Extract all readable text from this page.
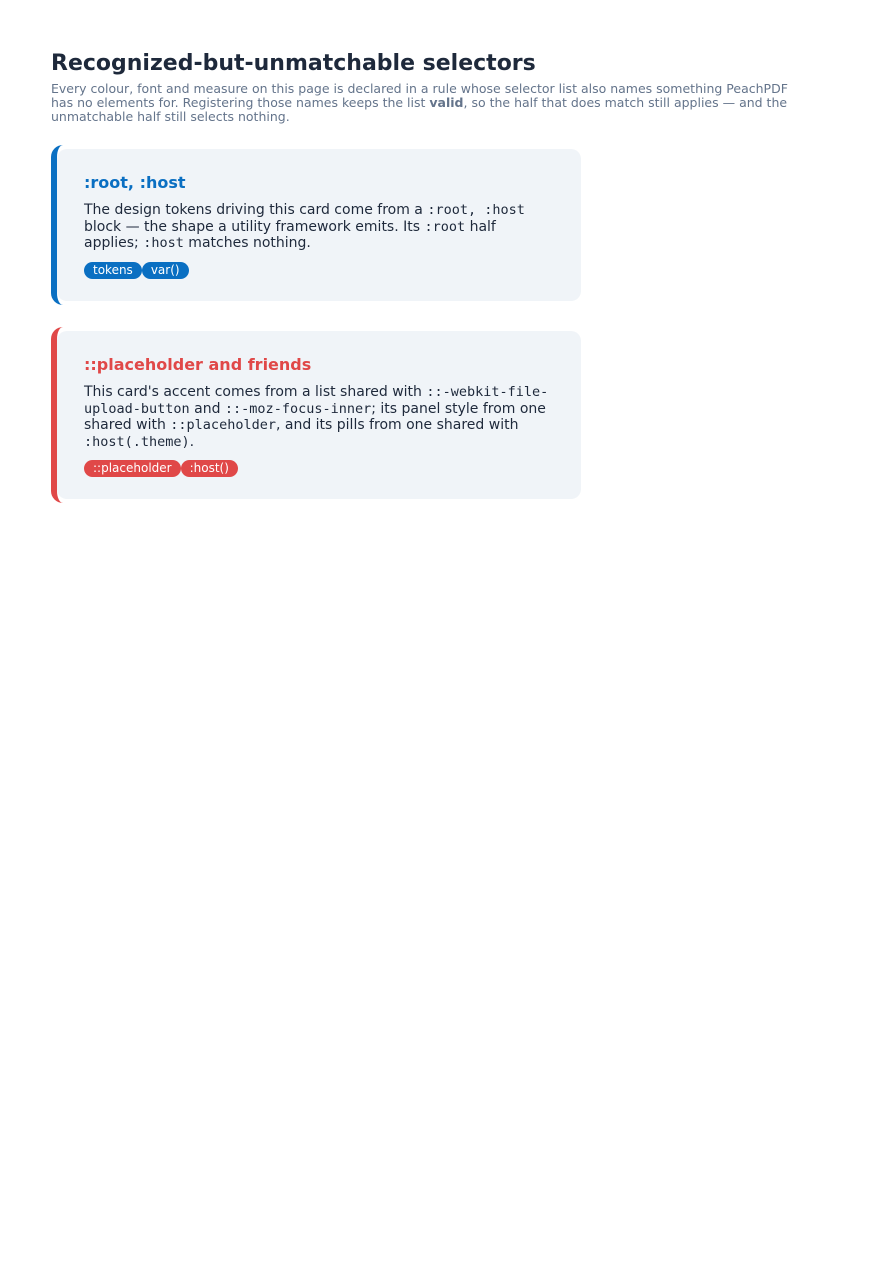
Recognized-but-unmatchable selectors

Every colour, font and measure on this page is declared in a rule whose selector list also names something PeachPDF has no elements for. Registering those names keeps the list valid, so the half that does match still applies — and the unmatchable half still selects nothing.

:root, :host

The design tokens driving this card come from a :root, :host block — the shape a utility framework emits. Its :root half applies; :host matches nothing.

tokens	var()
::placeholder and friends

This card's accent comes from a list shared with ::-webkit-file-upload-button and ::-moz-focus-inner; its panel style from one shared with ::placeholder, and its pills from one shared with :host(.theme).

::placeholder	:host()
